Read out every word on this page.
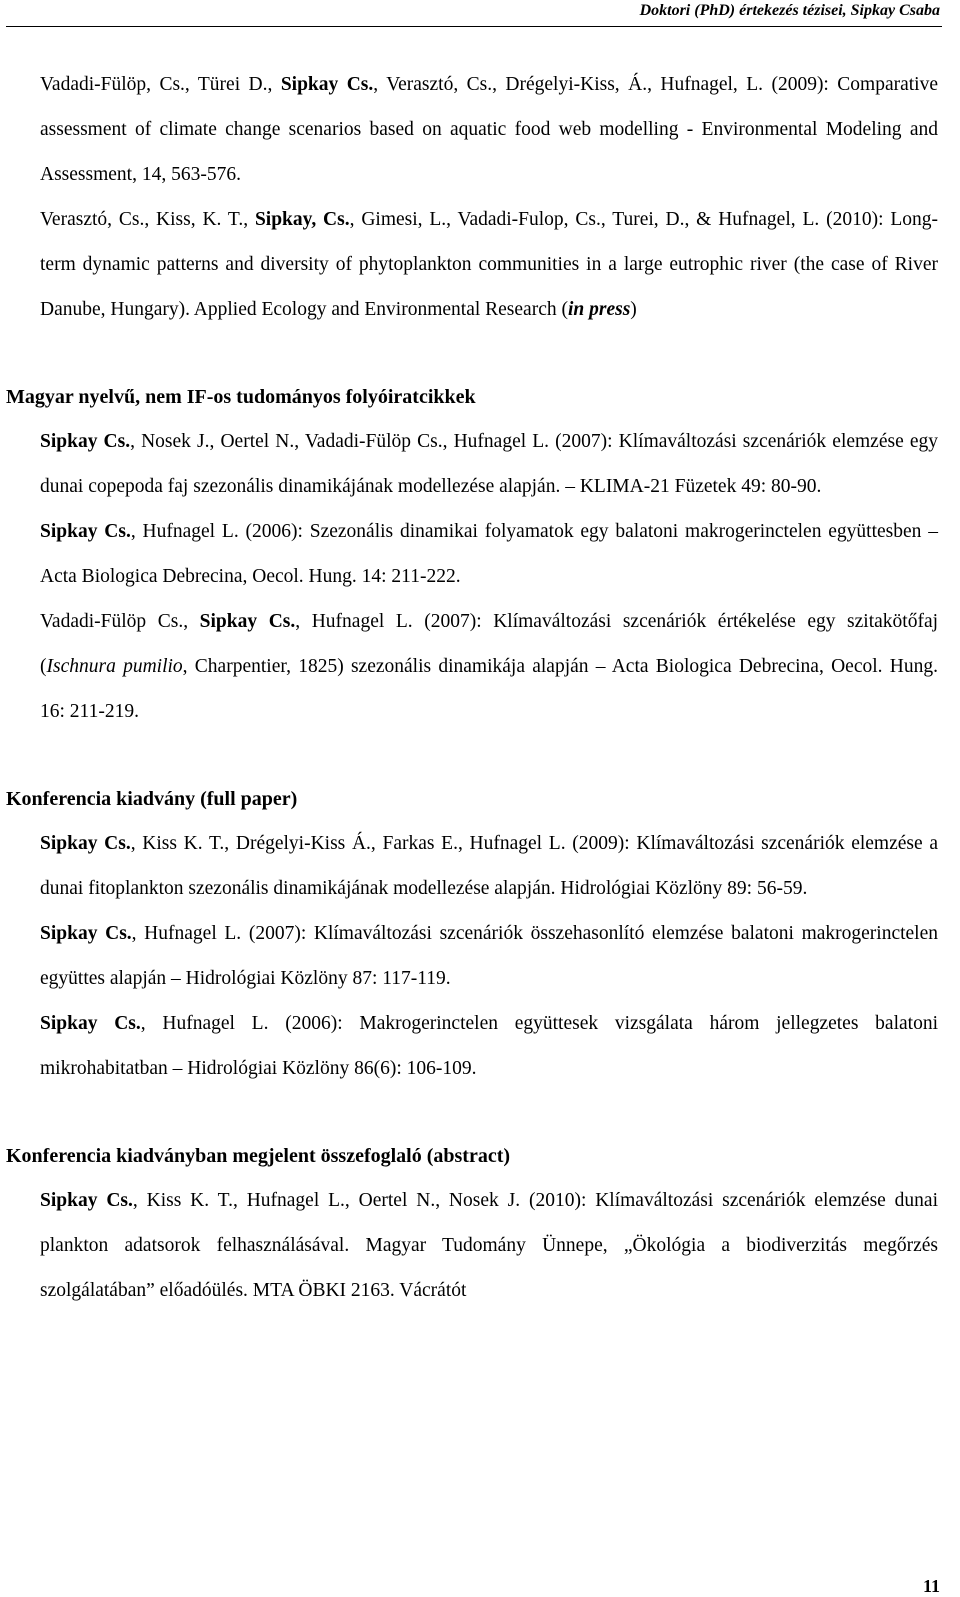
Doktori (PhD) értekezés tézisei, Sipkay Csaba
Vadadi-Fülöp, Cs., Türei D., Sipkay Cs., Verasztó, Cs., Drégelyi-Kiss, Á., Hufnagel, L. (2009): Comparative assessment of climate change scenarios based on aquatic food web modelling - Environmental Modeling and Assessment, 14, 563-576.
Verasztó, Cs., Kiss, K. T., Sipkay, Cs., Gimesi, L., Vadadi-Fulop, Cs., Turei, D., & Hufnagel, L. (2010): Long-term dynamic patterns and diversity of phytoplankton communities in a large eutrophic river (the case of River Danube, Hungary). Applied Ecology and Environmental Research (in press)
Magyar nyelvű, nem IF-os tudományos folyóiratcikkek
Sipkay Cs., Nosek J., Oertel N., Vadadi-Fülöp Cs., Hufnagel L. (2007): Klímaváltozási szcenáriók elemzése egy dunai copepoda faj szezonális dinamikájának modellezése alapján. – KLIMA-21 Füzetek 49: 80-90.
Sipkay Cs., Hufnagel L. (2006): Szezonális dinamikai folyamatok egy balatoni makrogerinctelen együttesben – Acta Biologica Debrecina, Oecol. Hung. 14: 211-222.
Vadadi-Fülöp Cs., Sipkay Cs., Hufnagel L. (2007): Klímaváltozási szcenáriók értékelése egy szitakötőfaj (Ischnura pumilio, Charpentier, 1825) szezonális dinamikája alapján – Acta Biologica Debrecina, Oecol. Hung. 16: 211-219.
Konferencia kiadvány (full paper)
Sipkay Cs., Kiss K. T., Drégelyi-Kiss Á., Farkas E., Hufnagel L. (2009): Klímaváltozási szcenáriók elemzése a dunai fitoplankton szezonális dinamikájának modellezése alapján. Hidrológiai Közlöny 89: 56-59.
Sipkay Cs., Hufnagel L. (2007): Klímaváltozási szcenáriók összehasonlító elemzése balatoni makrogerinctelen együttes alapján – Hidrológiai Közlöny 87: 117-119.
Sipkay Cs., Hufnagel L. (2006): Makrogerinctelen együttesek vizsgálata három jellegzetes balatoni mikrohabitatban – Hidrológiai Közlöny 86(6): 106-109.
Konferencia kiadványban megjelent összefoglaló (abstract)
Sipkay Cs., Kiss K. T., Hufnagel L., Oertel N., Nosek J. (2010): Klímaváltozási szcenáriók elemzése dunai plankton adatsorok felhasználásával. Magyar Tudomány Ünnepe, „Ökológia a biodiverzitás megőrzés szolgálatában” előadóülés. MTA ÖBKI 2163. Vácrátót
11
